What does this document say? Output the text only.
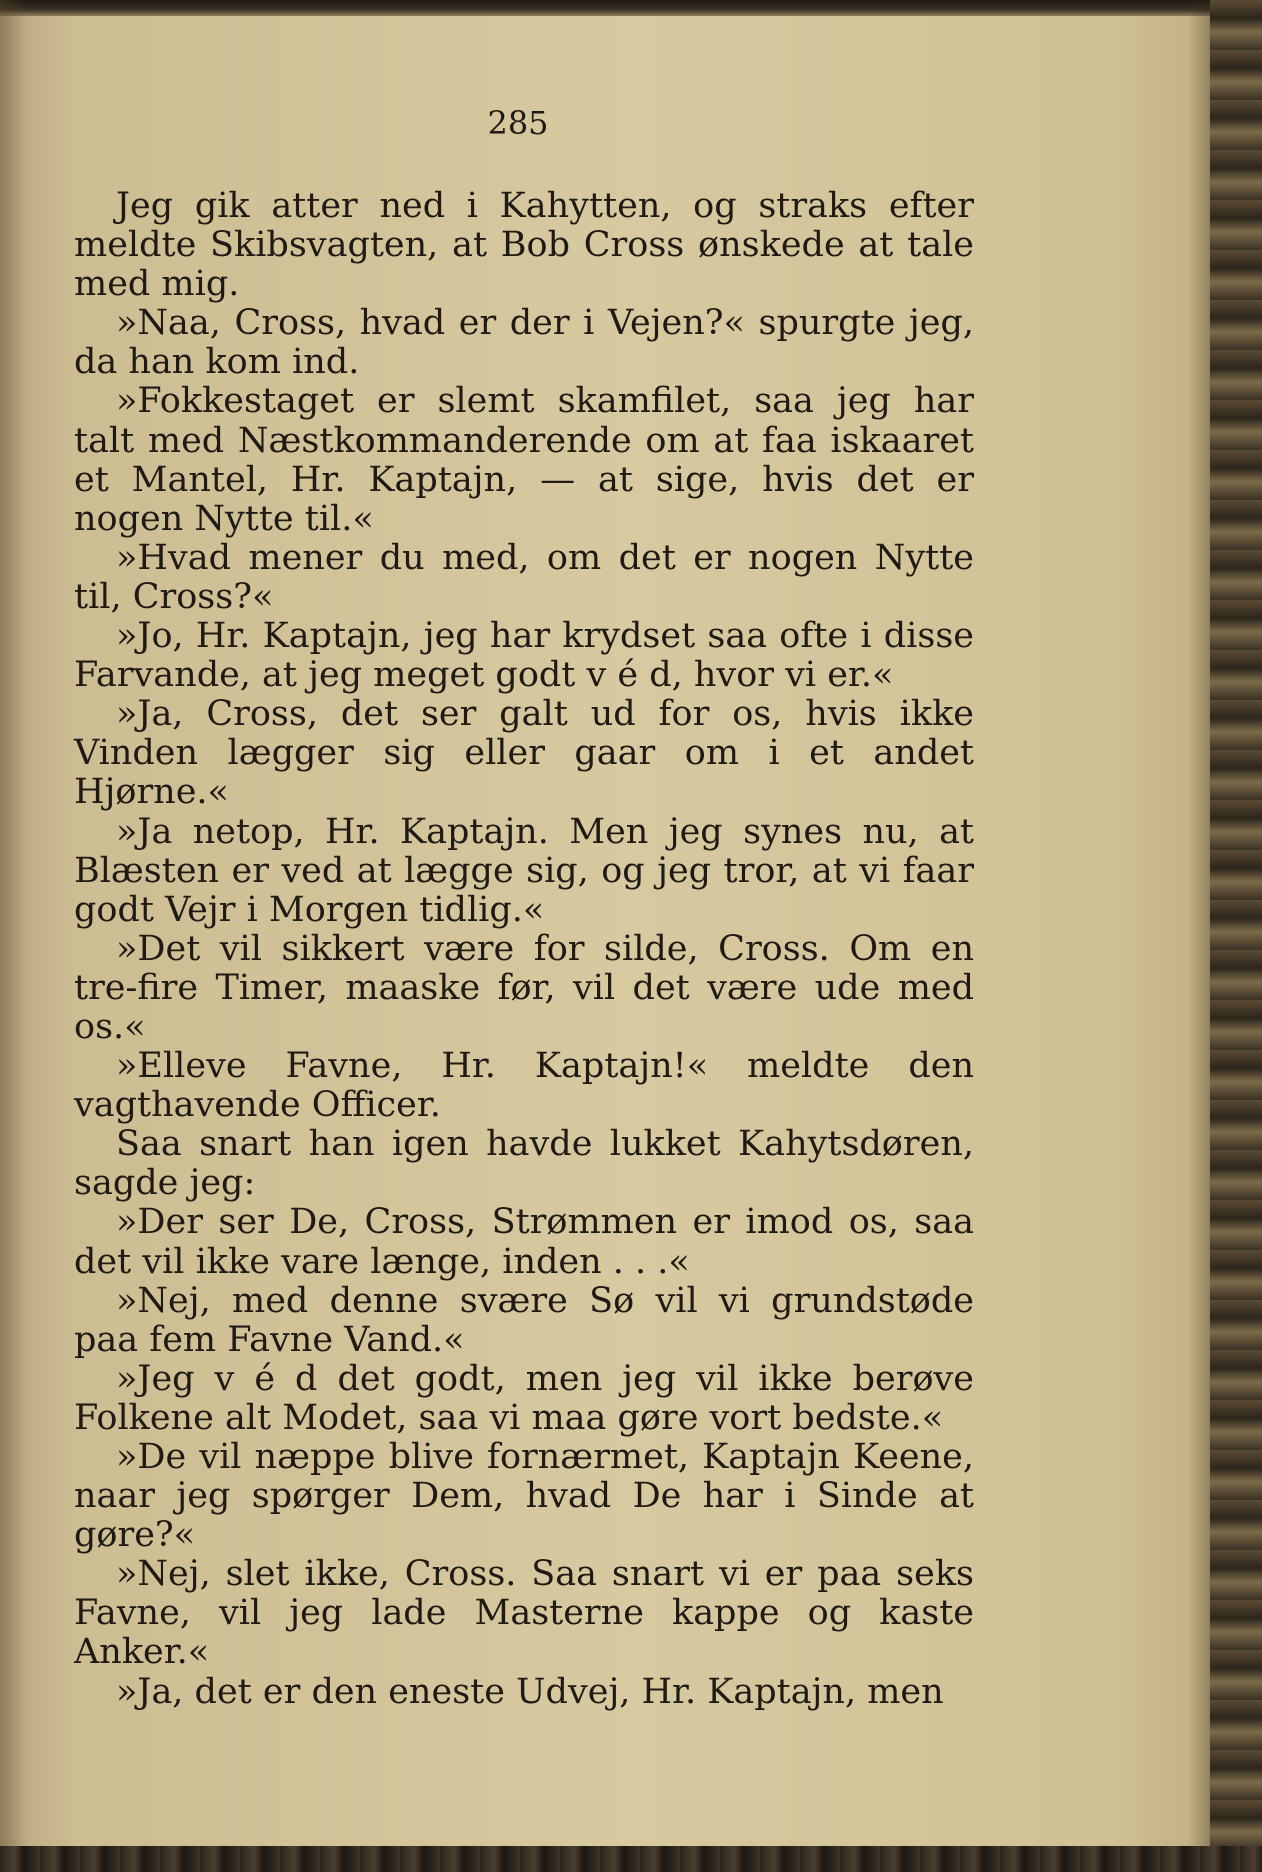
285

Jeg gik atter ned i Kahytten, og straks efter meldte Skibsvagten, at Bob Cross ønskede at tale med mig.

»Naa, Cross, hvad er der i Vejen?« spurgte jeg, da han kom ind.

»Fokkestaget er slemt skamfilet, saa jeg har talt med Næstkommanderende om at faa iskaaret et Mantel, Hr. Kaptajn, — at sige, hvis det er nogen Nytte til.«

»Hvad mener du med, om det er nogen Nytte til, Cross?«

»Jo, Hr. Kaptajn, jeg har krydset saa ofte i disse Farvande, at jeg meget godt v é d, hvor vi er.«

»Ja, Cross, det ser galt ud for os, hvis ikke Vinden lægger sig eller gaar om i et andet Hjørne.«

»Ja netop, Hr. Kaptajn. Men jeg synes nu, at Blæsten er ved at lægge sig, og jeg tror, at vi faar godt Vejr i Morgen tidlig.«

»Det vil sikkert være for silde, Cross. Om en tre-fire Timer, maaske før, vil det være ude med os.«

»Elleve Favne, Hr. Kaptajn!« meldte den vagthavende Officer.

Saa snart han igen havde lukket Kahytsdøren, sagde jeg:

»Der ser De, Cross, Strømmen er imod os, saa det vil ikke vare længe, inden . . .«

»Nej, med denne svære Sø vil vi grundstøde paa fem Favne Vand.«

»Jeg v é d det godt, men jeg vil ikke berøve Folkene alt Modet, saa vi maa gøre vort bedste.«

»De vil næppe blive fornærmet, Kaptajn Keene, naar jeg spørger Dem, hvad De har i Sinde at gøre?«

»Nej, slet ikke, Cross. Saa snart vi er paa seks Favne, vil jeg lade Masterne kappe og kaste Anker.«

»Ja, det er den eneste Udvej, Hr. Kaptajn, men
